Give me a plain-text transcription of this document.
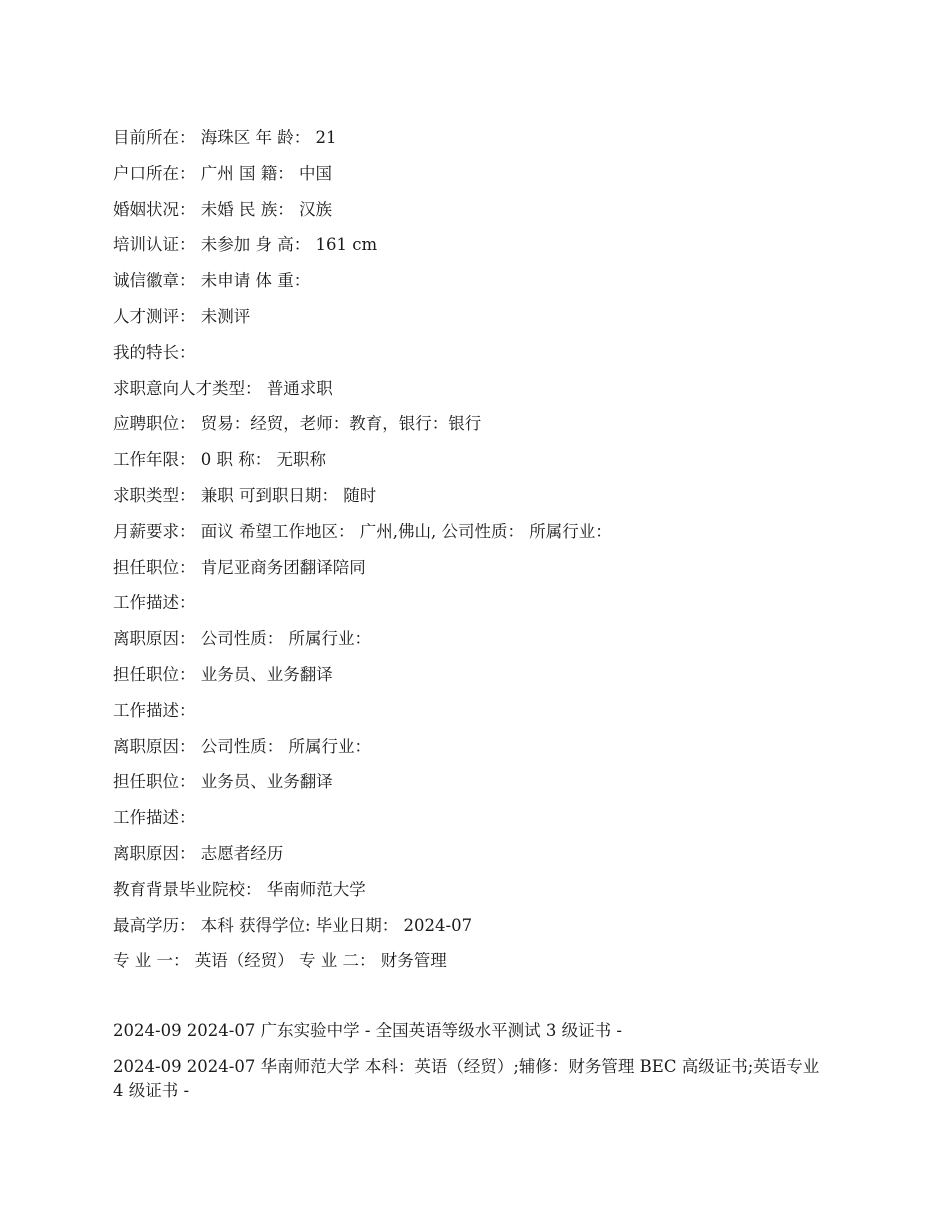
目前所在： 海珠区 年 龄： 21
户口所在： 广州 国 籍： 中国
婚姻状况： 未婚 民 族： 汉族
培训认证： 未参加 身 高： 161 cm
诚信徽章： 未申请 体 重：
人才测评： 未测评
我的特长：
求职意向人才类型： 普通求职
应聘职位： 贸易：经贸，老师：教育，银行：银行
工作年限： 0 职 称： 无职称
求职类型： 兼职 可到职日期： 随时
月薪要求： 面议 希望工作地区： 广州,佛山, 公司性质： 所属行业：
担任职位： 肯尼亚商务团翻译陪同
工作描述：
离职原因： 公司性质： 所属行业：
担任职位： 业务员、业务翻译
工作描述：
离职原因： 公司性质： 所属行业：
担任职位： 业务员、业务翻译
工作描述：
离职原因： 志愿者经历
教育背景毕业院校： 华南师范大学
最高学历： 本科 获得学位: 毕业日期： 2024-07
专 业 一： 英语（经贸） 专 业 二： 财务管理
2024-09 2024-07 广东实验中学 - 全国英语等级水平测试 3 级证书 -
2024-09 2024-07 华南师范大学 本科：英语（经贸）;辅修：财务管理 BEC 高级证书;英语专业 4 级证书 -
